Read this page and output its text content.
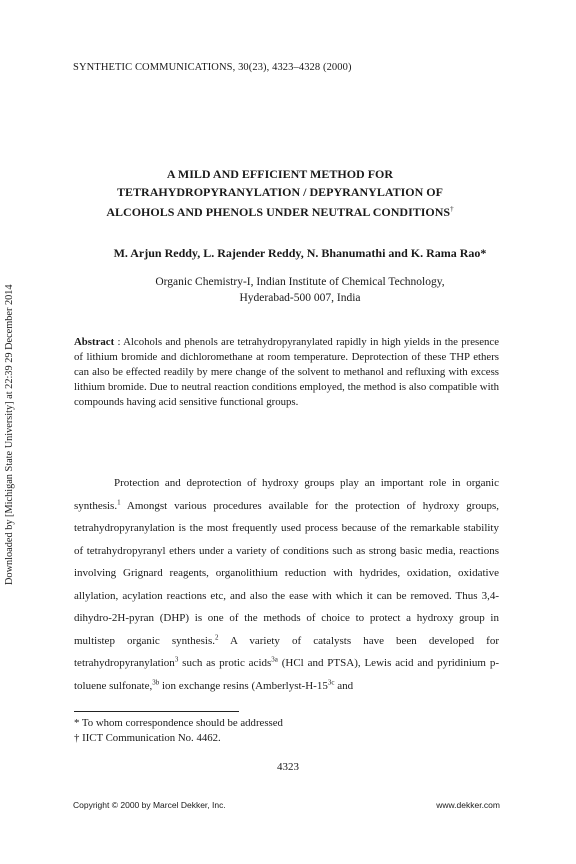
Downloaded by [Michigan State University] at 22:39 29 December 2014
SYNTHETIC COMMUNICATIONS, 30(23), 4323–4328 (2000)
A MILD AND EFFICIENT METHOD FOR
TETRAHYDROPYRANYLATION / DEPYRANYLATION OF
ALCOHOLS AND PHENOLS UNDER NEUTRAL CONDITIONS†
M. Arjun Reddy, L. Rajender Reddy, N. Bhanumathi and K. Rama Rao*
Organic Chemistry-I, Indian Institute of Chemical Technology,
Hyderabad-500 007, India
Abstract : Alcohols and phenols are tetrahydropyranylated rapidly in high yields in the presence of lithium bromide and dichloromethane at room temperature. Deprotection of these THP ethers can also be effected readily by mere change of the solvent to methanol and refluxing with excess lithium bromide. Due to neutral reaction conditions employed, the method is also compatible with compounds having acid sensitive functional groups.

Protection and deprotection of hydroxy groups play an important role in organic synthesis.$^1$ Amongst various procedures available for the protection of hydroxy groups, tetrahydropyranylation is the most frequently used process because of the remarkable stability of tetrahydropyranyl ethers under a variety of conditions such as strong basic media, reactions involving Grignard reagents, organolithium reduction with hydrides, oxidation, oxidative allylation, acylation reactions etc, and also the ease with which it can be removed. Thus 3,4-dihydro-2H-pyran (DHP) is one of the methods of choice to protect a hydroxy group in multistep organic synthesis.$^2$ A variety of catalysts have been developed for tetrahydropyranylation$^3$ such as protic acids$^{3a}$ (HCl and PTSA), Lewis acid and pyridinium p-toluene sulfonate,$^{3b}$ ion exchange resins ($Amberlyst-H-15^{3c}$ and

* To whom correspondence should be addressed
† IICT Communication No. 4462.
4323
Copyright © 2000 by Marcel Dekker, Inc.	www.dekker.com
